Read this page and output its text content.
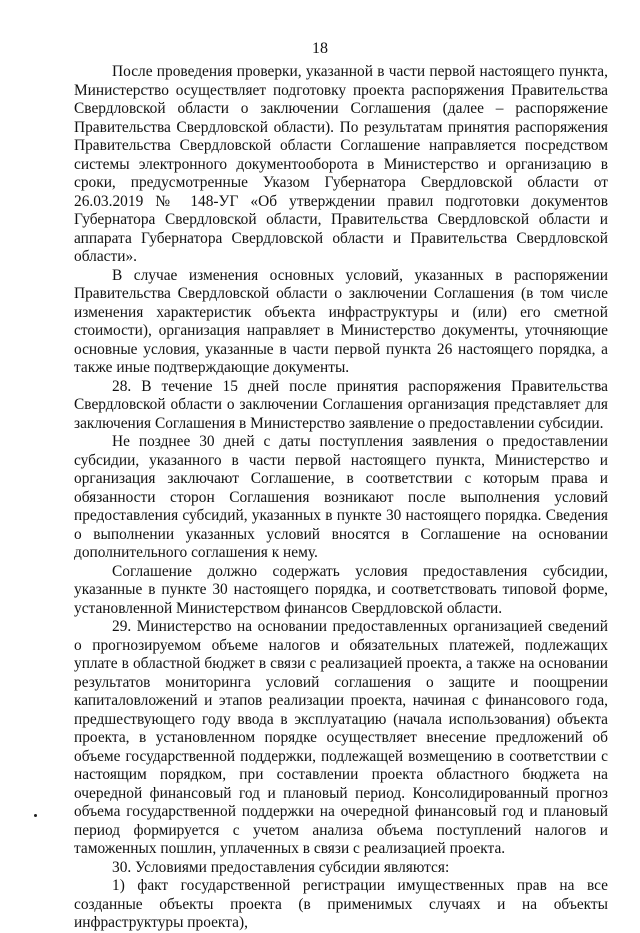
18

После проведения проверки, указанной в части первой настоящего пункта, Министерство осуществляет подготовку проекта распоряжения Правительства Свердловской области о заключении Соглашения (далее – распоряжение Правительства Свердловской области). По результатам принятия распоряжения Правительства Свердловской области Соглашение направляется посредством системы электронного документооборота в Министерство и организацию в сроки, предусмотренные Указом Губернатора Свердловской области от 26.03.2019 № 148-УГ «Об утверждении правил подготовки документов Губернатора Свердловской области, Правительства Свердловской области и аппарата Губернатора Свердловской области и Правительства Свердловской области».

В случае изменения основных условий, указанных в распоряжении Правительства Свердловской области о заключении Соглашения (в том числе изменения характеристик объекта инфраструктуры и (или) его сметной стоимости), организация направляет в Министерство документы, уточняющие основные условия, указанные в части первой пункта 26 настоящего порядка, а также иные подтверждающие документы.

28. В течение 15 дней после принятия распоряжения Правительства Свердловской области о заключении Соглашения организация представляет для заключения Соглашения в Министерство заявление о предоставлении субсидии.

Не позднее 30 дней с даты поступления заявления о предоставлении субсидии, указанного в части первой настоящего пункта, Министерство и организация заключают Соглашение, в соответствии с которым права и обязанности сторон Соглашения возникают после выполнения условий предоставления субсидий, указанных в пункте 30 настоящего порядка. Сведения о выполнении указанных условий вносятся в Соглашение на основании дополнительного соглашения к нему.

Соглашение должно содержать условия предоставления субсидии, указанные в пункте 30 настоящего порядка, и соответствовать типовой форме, установленной Министерством финансов Свердловской области.

29. Министерство на основании предоставленных организацией сведений о прогнозируемом объеме налогов и обязательных платежей, подлежащих уплате в областной бюджет в связи с реализацией проекта, а также на основании результатов мониторинга условий соглашения о защите и поощрении капиталовложений и этапов реализации проекта, начиная с финансового года, предшествующего году ввода в эксплуатацию (начала использования) объекта проекта, в установленном порядке осуществляет внесение предложений об объеме государственной поддержки, подлежащей возмещению в соответствии с настоящим порядком, при составлении проекта областного бюджета на очередной финансовый год и плановый период. Консолидированный прогноз объема государственной поддержки на очередной финансовый год и плановый период формируется с учетом анализа объема поступлений налогов и таможенных пошлин, уплаченных в связи с реализацией проекта.

30. Условиями предоставления субсидии являются:

1) факт государственной регистрации имущественных прав на все созданные объекты проекта (в применимых случаях и на объекты инфраструктуры проекта),
